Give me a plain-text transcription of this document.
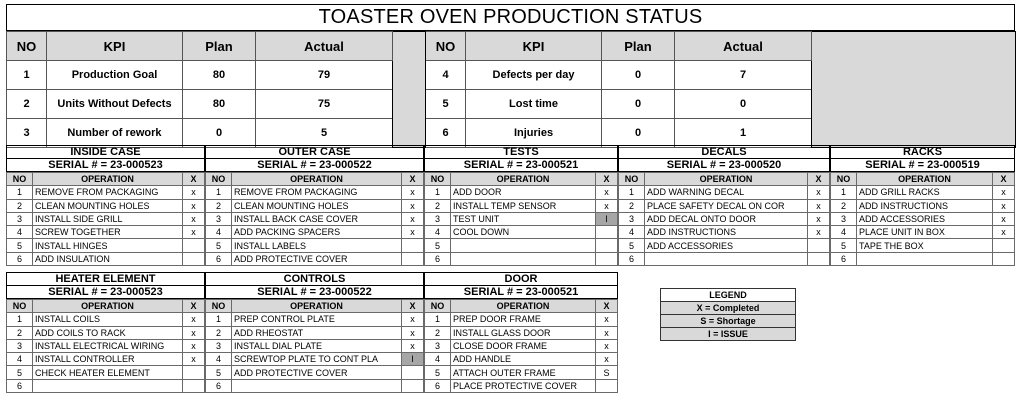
TOASTER OVEN PRODUCTION STATUS
NO	KPI	Plan	Actual		NO	KPI	Plan	Actual	
1	Production Goal	80	79		4	Defects per day	0	7	
2	Units Without Defects	80	75		5	Lost time	0	0	
3	Number of rework	0	5		6	Injuries	0	1	
INSIDE CASE
SERIAL # = 23-000523
NO	OPERATION	X
1	REMOVE FROM PACKAGING	x
2	CLEAN MOUNTING HOLES	x
3	INSTALL SIDE GRILL	x
4	SCREW TOGETHER	x
5	INSTALL HINGES	
6	ADD INSULATION	
OUTER CASE
SERIAL # = 23-000522
NO	OPERATION	X
1	REMOVE FROM PACKAGING	x
2	CLEAN MOUNTING HOLES	x
3	INSTALL BACK CASE COVER	x
4	ADD PACKING SPACERS	x
5	INSTALL LABELS	
6	ADD PROTECTIVE COVER	
TESTS
SERIAL # = 23-000521
NO	OPERATION	X
1	ADD DOOR	x
2	INSTALL TEMP SENSOR	x
3	TEST UNIT	I
4	COOL DOWN	
5		
6		
DECALS
SERIAL # = 23-000520
NO	OPERATION	X
1	ADD WARNING DECAL	x
2	PLACE SAFETY DECAL ON COR	x
3	ADD DECAL ONTO DOOR	x
4	ADD INSTRUCTIONS	x
5	ADD ACCESSORIES	
6		
RACKS
SERIAL # = 23-000519
NO	OPERATION	X
1	ADD GRILL RACKS	x
2	ADD INSTRUCTIONS	x
3	ADD ACCESSORIES	x
4	PLACE UNIT IN BOX	x
5	TAPE THE BOX	
6		
HEATER ELEMENT
SERIAL # = 23-000523
NO	OPERATION	X
1	INSTALL COILS	x
2	ADD COILS TO RACK	x
3	INSTALL ELECTRICAL WIRING	x
4	INSTALL CONTROLLER	x
5	CHECK HEATER ELEMENT	
6		
CONTROLS
SERIAL # = 23-000522
NO	OPERATION	X
1	PREP CONTROL PLATE	x
2	ADD RHEOSTAT	x
3	INSTALL DIAL PLATE	x
4	SCREWTOP PLATE TO CONT PLA	I
5	ADD PROTECTIVE COVER	
6		
DOOR
SERIAL # = 23-000521
NO	OPERATION	X
1	PREP DOOR FRAME	x
2	INSTALL GLASS DOOR	x
3	CLOSE DOOR FRAME	x
4	ADD HANDLE	x
5	ATTACH OUTER FRAME	S
6	PLACE PROTECTIVE COVER	
LEGEND
X = Completed
S = Shortage
I = ISSUE
